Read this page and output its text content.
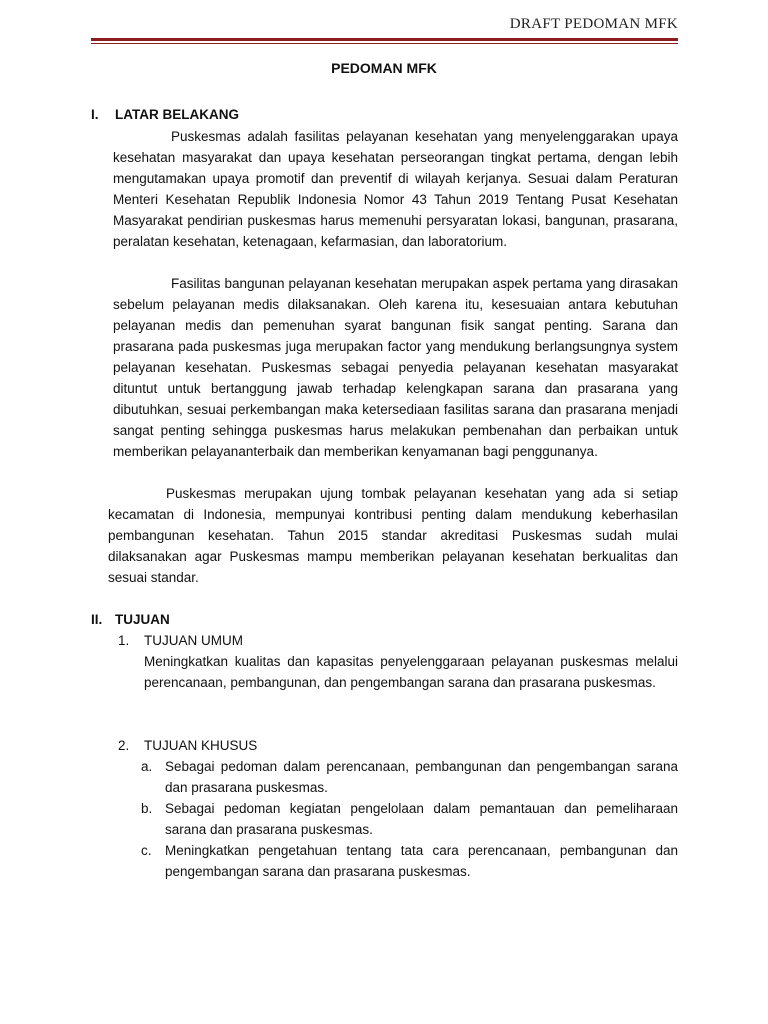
DRAFT PEDOMAN MFK
PEDOMAN MFK
I. LATAR BELAKANG

Puskesmas adalah fasilitas pelayanan kesehatan yang menyelenggarakan upaya kesehatan masyarakat dan upaya kesehatan perseorangan tingkat pertama, dengan lebih mengutamakan upaya promotif dan preventif di wilayah kerjanya. Sesuai dalam Peraturan Menteri Kesehatan Republik Indonesia Nomor 43 Tahun 2019 Tentang Pusat Kesehatan Masyarakat pendirian puskesmas harus memenuhi persyaratan lokasi, bangunan, prasarana, peralatan kesehatan, ketenagaan, kefarmasian, dan laboratorium.

Fasilitas bangunan pelayanan kesehatan merupakan aspek pertama yang dirasakan sebelum pelayanan medis dilaksanakan. Oleh karena itu, kesesuaian antara kebutuhan pelayanan medis dan pemenuhan syarat bangunan fisik sangat penting. Sarana dan prasarana pada puskesmas juga merupakan factor yang mendukung berlangsungnya system pelayanan kesehatan. Puskesmas sebagai penyedia pelayanan kesehatan masyarakat dituntut untuk bertanggung jawab terhadap kelengkapan sarana dan prasarana yang dibutuhkan, sesuai perkembangan maka ketersediaan fasilitas sarana dan prasarana menjadi sangat penting sehingga puskesmas harus melakukan pembenahan dan perbaikan untuk memberikan pelayananterbaik dan memberikan kenyamanan bagi penggunanya.

Puskesmas merupakan ujung tombak pelayanan kesehatan yang ada si setiap kecamatan di Indonesia, mempunyai kontribusi penting dalam mendukung keberhasilan pembangunan kesehatan. Tahun 2015 standar akreditasi Puskesmas sudah mulai dilaksanakan agar Puskesmas mampu memberikan pelayanan kesehatan berkualitas dan sesuai standar.

II. TUJUAN
1. TUJUAN UMUM

Meningkatkan kualitas dan kapasitas penyelenggaraan pelayanan puskesmas melalui perencanaan, pembangunan, dan pengembangan sarana dan prasarana puskesmas.

2. TUJUAN KHUSUS
a. Sebagai pedoman dalam perencanaan, pembangunan dan pengembangan sarana dan prasarana puskesmas.
b. Sebagai pedoman kegiatan pengelolaan dalam pemantauan dan pemeliharaan sarana dan prasarana puskesmas.
c. Meningkatkan pengetahuan tentang tata cara perencanaan, pembangunan dan pengembangan sarana dan prasarana puskesmas.
